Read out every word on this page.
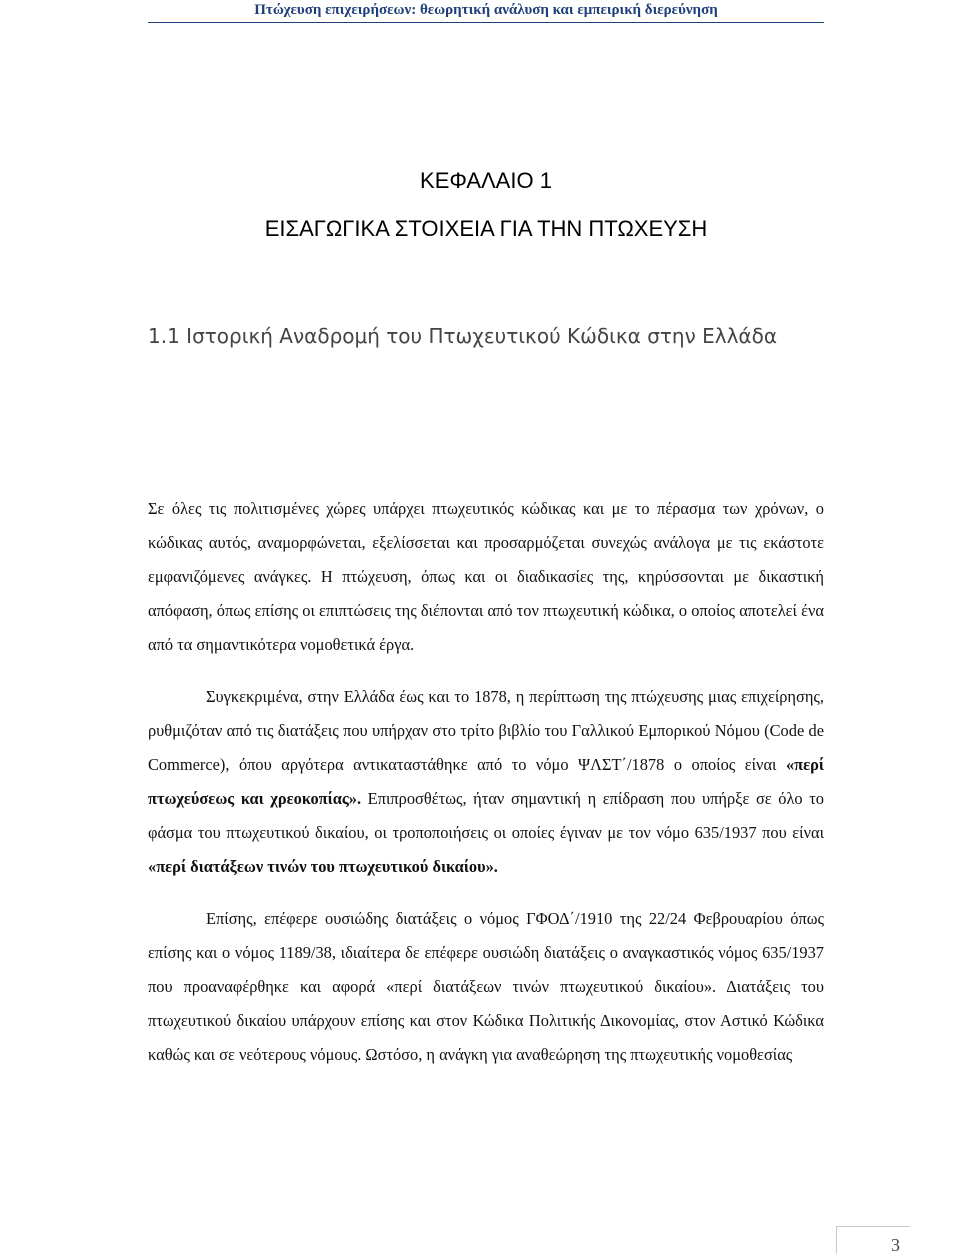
Πτώχευση επιχειρήσεων: θεωρητική ανάλυση και εμπειρική διερεύνηση
ΚΕΦΑΛΑΙΟ 1
ΕΙΣΑΓΩΓΙΚΑ ΣΤΟΙΧΕΙΑ ΓΙΑ ΤΗΝ ΠΤΩΧΕΥΣΗ
1.1 Ιστορική Αναδρομή του Πτωχευτικού Κώδικα στην Ελλάδα

Σε όλες τις πολιτισμένες χώρες υπάρχει πτωχευτικός κώδικας και με το πέρασμα των χρόνων, ο κώδικας αυτός, αναμορφώνεται, εξελίσσεται και προσαρμόζεται συνεχώς ανάλογα με τις εκάστοτε εμφανιζόμενες ανάγκες. Η πτώχευση, όπως και οι διαδικασίες της, κηρύσσονται με δικαστική απόφαση, όπως επίσης οι επιπτώσεις της διέπονται από τον πτωχευτική κώδικα, ο οποίος αποτελεί ένα από τα σημαντικότερα νομοθετικά έργα.

Συγκεκριμένα, στην Ελλάδα έως και το 1878, η περίπτωση της πτώχευσης μιας επιχείρησης, ρυθμιζόταν από τις διατάξεις που υπήρχαν στο τρίτο βιβλίο του Γαλλικού Εμπορικού Νόμου (Code de Commerce), όπου αργότερα αντικαταστάθηκε από το νόμο ΨΛΣΤ΄/1878 ο οποίος είναι «περί πτωχεύσεως και χρεοκοπίας». Επιπροσθέτως, ήταν σημαντική η επίδραση που υπήρξε σε όλο το φάσμα του πτωχευτικού δικαίου, οι τροποποιήσεις οι οποίες έγιναν με τον νόμο 635/1937 που είναι «περί διατάξεων τινών του πτωχευτικού δικαίου».

Επίσης, επέφερε ουσιώδης διατάξεις ο νόμος ΓΦΟΔ΄/1910 της 22/24 Φεβρουαρίου όπως επίσης και ο νόμος 1189/38, ιδιαίτερα δε επέφερε ουσιώδη διατάξεις ο αναγκαστικός νόμος 635/1937 που προαναφέρθηκε και αφορά «περί διατάξεων τινών πτωχευτικού δικαίου». Διατάξεις του πτωχευτικού δικαίου υπάρχουν επίσης και στον Κώδικα Πολιτικής Δικονομίας, στον Αστικό Κώδικα καθώς και σε νεότερους νόμους. Ωστόσο, η ανάγκη για αναθεώρηση της πτωχευτικής νομοθεσίας

3
